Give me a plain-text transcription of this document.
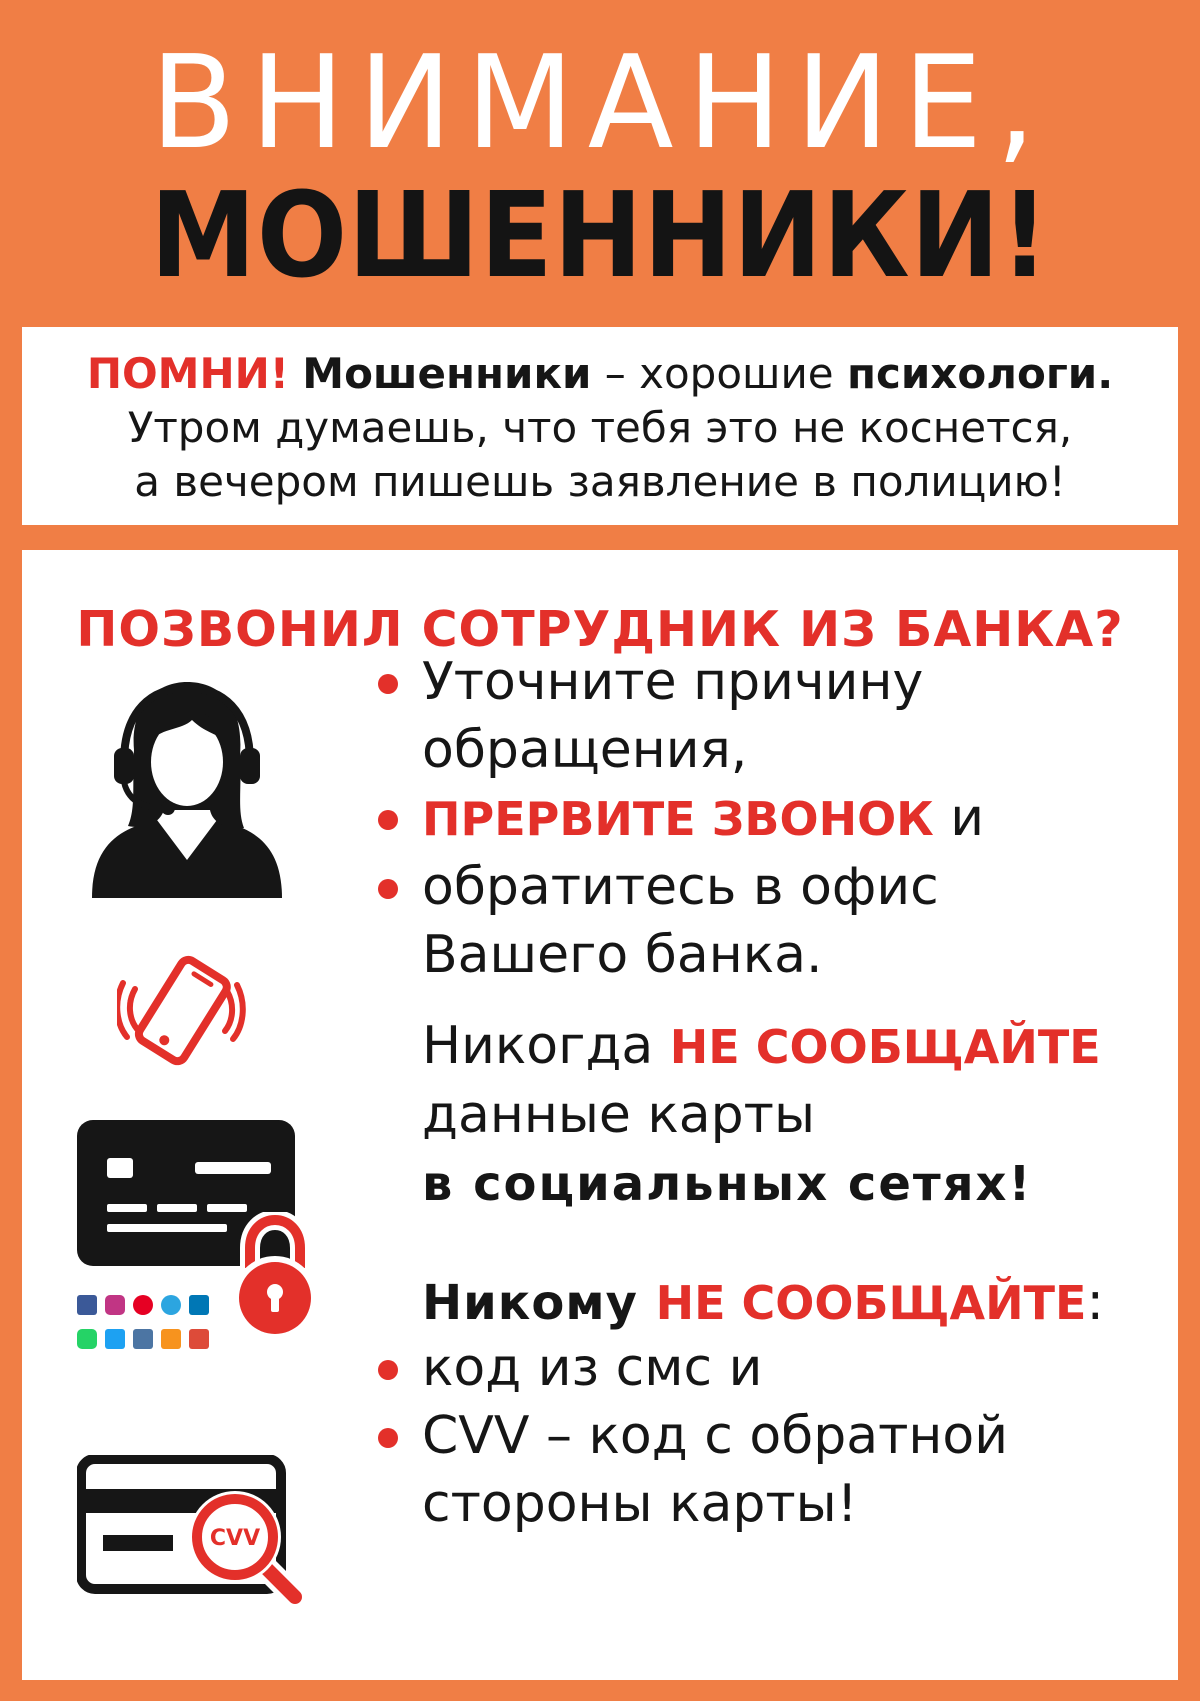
ВНИМАНИЕ,
МОШЕННИКИ!
ПОМНИ! Мошенники – хорошие психологи.
Утром думаешь, что тебя это не коснется,
а вечером пишешь заявление в полицию!
ПОЗВОНИЛ СОТРУДНИК ИЗ БАНКА?
Уточните причину
обращения,
ПРЕРВИТЕ ЗВОНОК и
обратитесь в офис
Вашего банка.
Никогда НЕ СООБЩАЙТЕ
данные карты
в социальных сетях!
CVV
Никому НЕ СООБЩАЙТЕ:
код из смс и
CVV – код с обратной
стороны карты!
